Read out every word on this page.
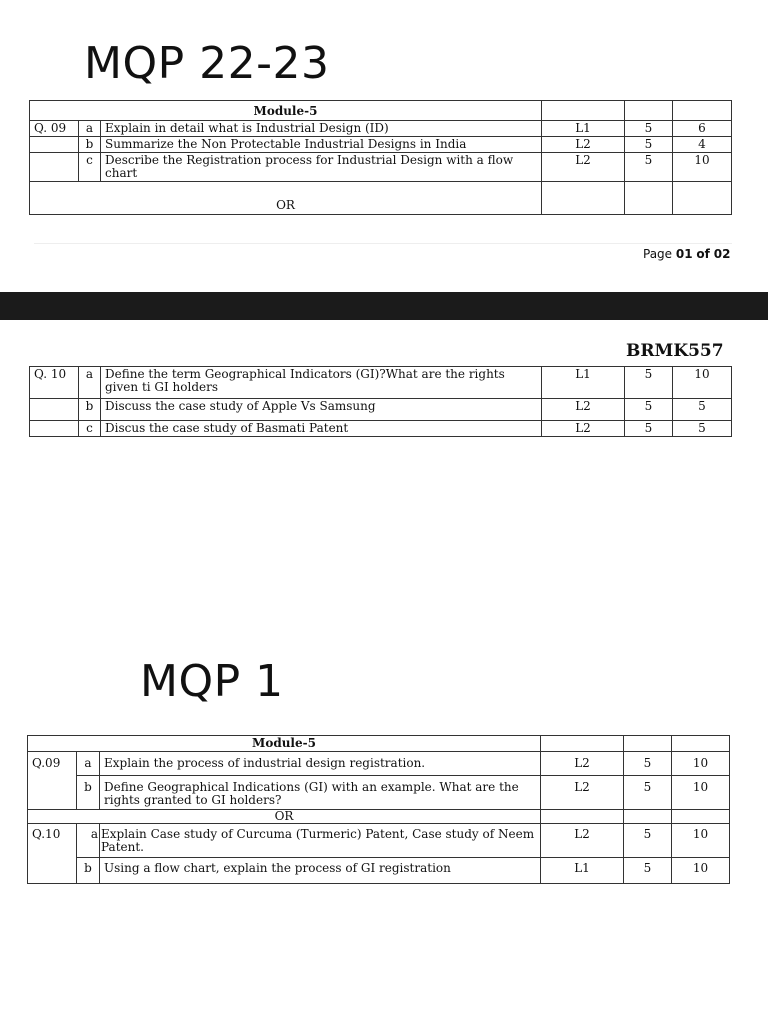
MQP 22-23
Module-5					
Q. 09	a	Explain in detail what is Industrial Design (ID)	L1	5	6
	b	Summarize the Non Protectable Industrial Designs in India	L2	5	4
	c	Describe the Registration process for Industrial Design with a flow chart	L2	5	10
OR					
Page 01 of 02
BRMK557
Q. 10	a	Define the term Geographical Indicators (GI)?What are the rights given ti GI holders	L1	5	10
	b	Discuss the case study of Apple Vs Samsung	L2	5	5
	c	Discus the case study of Basmati Patent	L2	5	5
MQP 1
Module-5					
Q.09	a	Explain the process of industrial design registration.	L2	5	10
	b	Define Geographical Indications (GI) with an example. What are the rights granted to GI holders?	L2	5	10
OR					
Q.10	a	Explain Case study of Curcuma (Turmeric) Patent, Case study of Neem Patent.	L2	5	10
	b	Using a flow chart, explain the process of GI registration	L1	5	10
